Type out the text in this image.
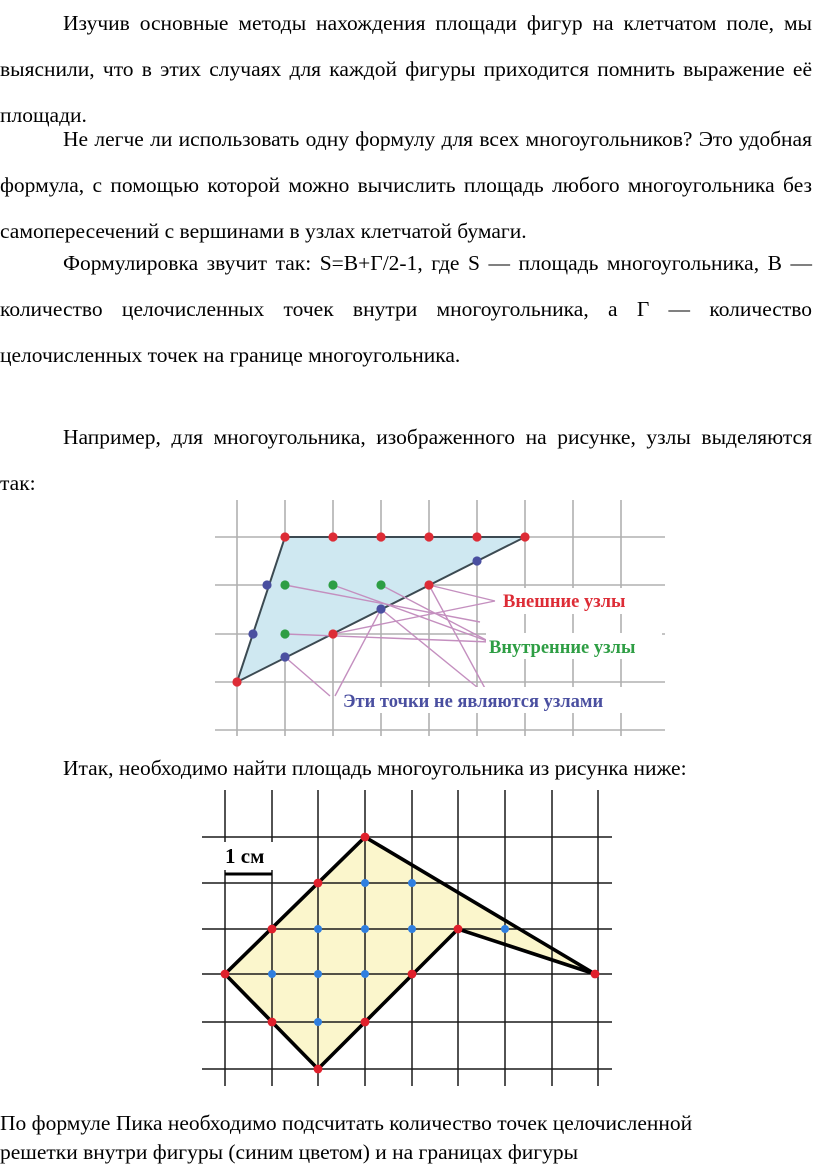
Изучив основные методы нахождения площади фигур на клетчатом поле, мы выяснили, что в этих случаях для каждой фигуры приходится помнить выражение её площади.

Не легче ли использовать одну формулу для всех многоугольников? Это удобная формула, с помощью которой можно вычислить площадь любого многоугольника без самопересечений с вершинами в узлах клетчатой бумаги.

Формулировка звучит так: S=В+Г/2-1, где S — площадь многоугольника, В — количество целочисленных точек внутри многоугольника, а Г — количество целочисленных точек на границе многоугольника.

Например, для многоугольника, изображенного на рисунке, узлы выделяются так:

Внешние узлы
Внутренние узлы
Эти точки не являются узлами

Итак, необходимо найти площадь многоугольника из рисунка ниже:

1 см

По формуле Пика необходимо подсчитать количество точек целочисленной

решетки внутри фигуры (синим цветом) и на границах фигуры
